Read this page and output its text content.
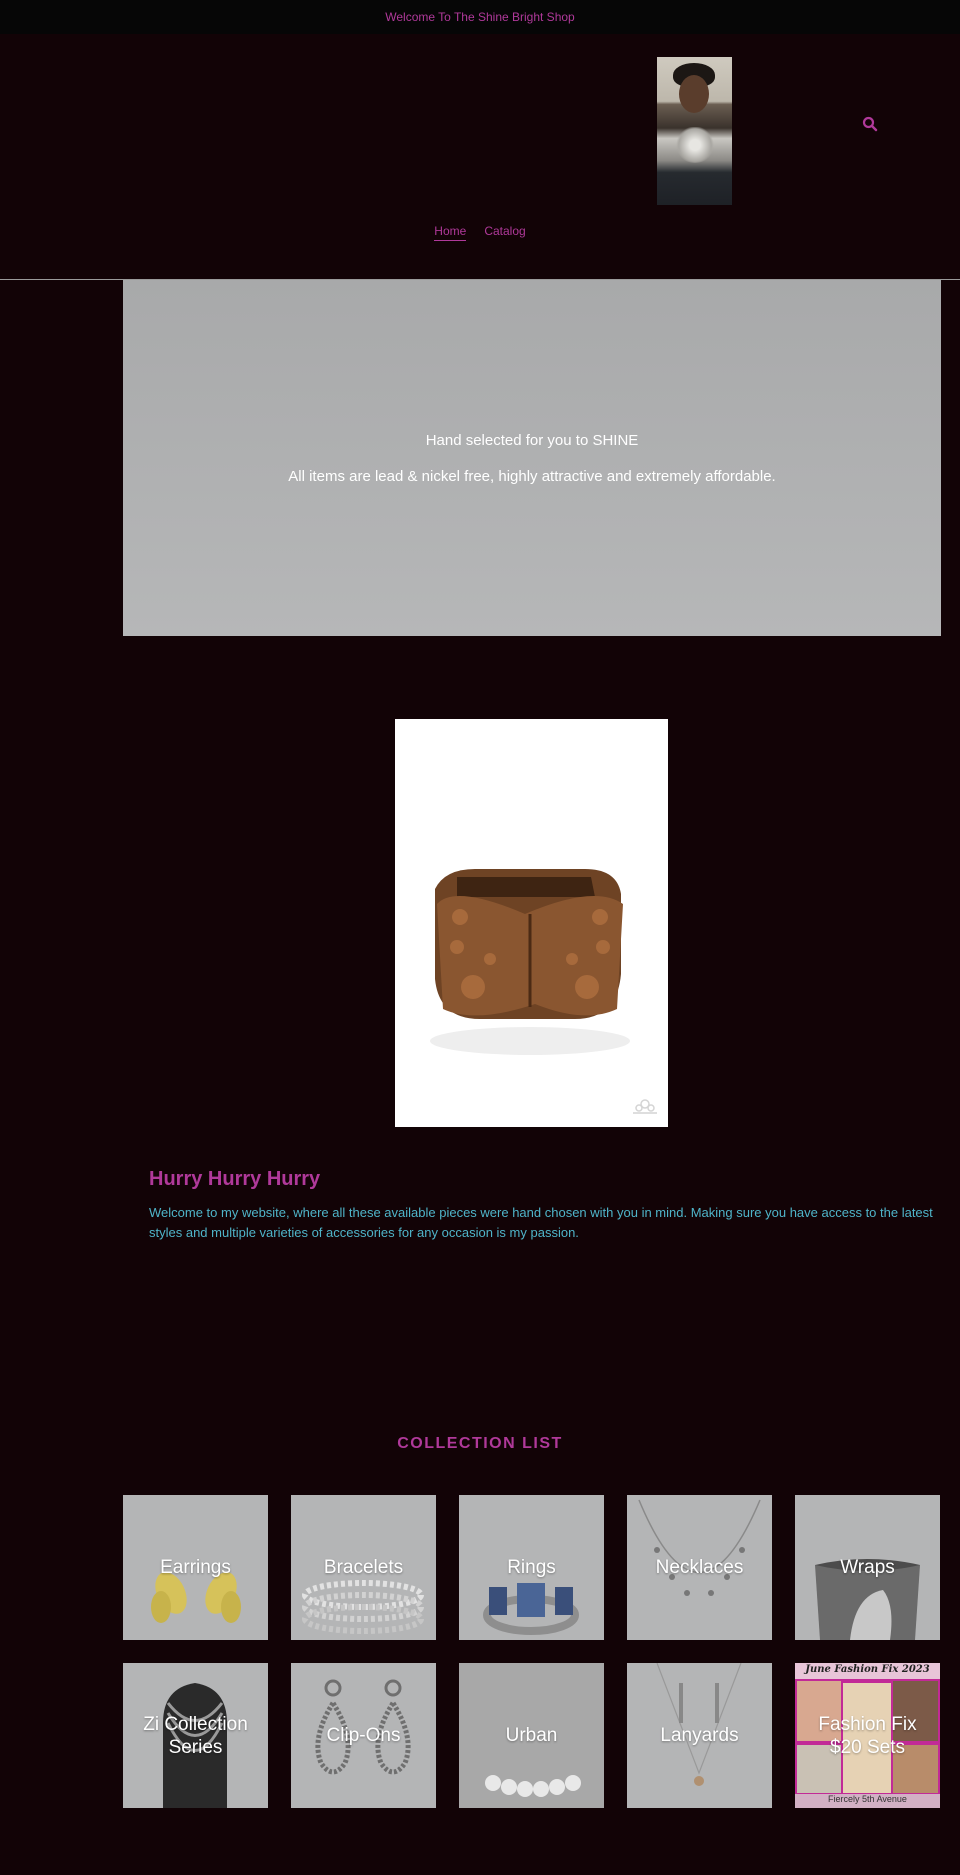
Welcome To The Shine Bright Shop
Home Catalog

Hand selected for you to SHINE

All items are lead & nickel free, highly attractive and extremely affordable.

Hurry Hurry Hurry

Welcome to my website, where all these available pieces were hand chosen with you in mind. Making sure you have access to the latest styles and multiple varieties of accessories for any occasion is my passion.

COLLECTION LIST
Earrings	Bracelets	Rings	Necklaces	Wraps
Zi Collection Series
Clip-Ons	Urban	Lanyards
June Fashion Fix 2023
Fiercely 5th Avenue
Fashion Fix $20 Sets
